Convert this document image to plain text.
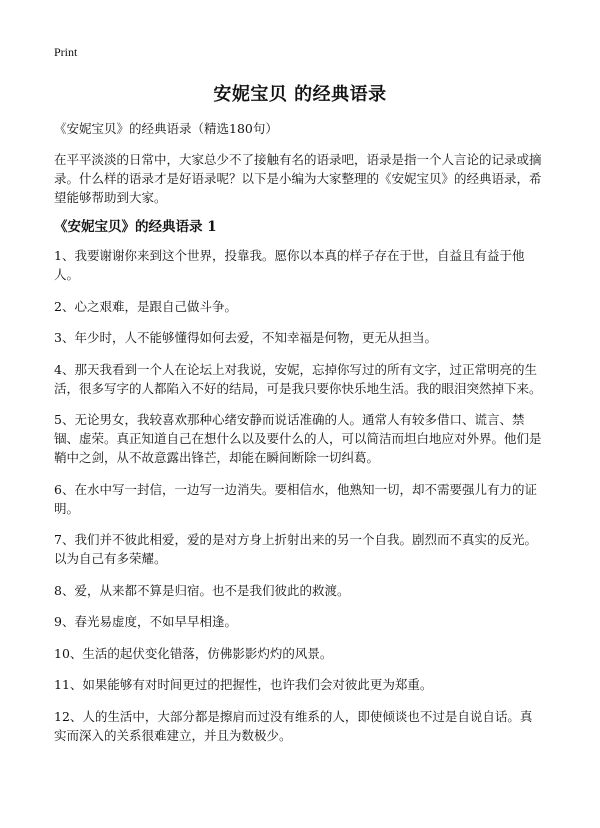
Print
安妮宝贝 的经典语录

《安妮宝贝》的经典语录（精选180句）

在平平淡淡的日常中，大家总少不了接触有名的语录吧，语录是指一个人言论的记录或摘录。什么样的语录才是好语录呢？以下是小编为大家整理的《安妮宝贝》的经典语录，希望能够帮助到大家。

《安妮宝贝》的经典语录 1
1、我要谢谢你来到这个世界，投靠我。愿你以本真的样子存在于世，自益且有益于他人。
2、心之艰难，是跟自己做斗争。
3、年少时，人不能够懂得如何去爱，不知幸福是何物，更无从担当。
4、那天我看到一个人在论坛上对我说，安妮，忘掉你写过的所有文字，过正常明亮的生活，很多写字的人都陷入不好的结局，可是我只要你快乐地生活。我的眼泪突然掉下来。
5、无论男女，我较喜欢那种心绪安静而说话准确的人。通常人有较多借口、谎言、禁锢、虚荣。真正知道自己在想什么以及要什么的人，可以简洁而坦白地应对外界。他们是鞘中之剑，从不故意露出锋芒，却能在瞬间断除一切纠葛。
6、在水中写一封信，一边写一边消失。要相信水，他熟知一切，却不需要强儿有力的证明。
7、我们并不彼此相爱，爱的是对方身上折射出来的另一个自我。剧烈而不真实的反光。以为自己有多荣耀。
8、爱，从来都不算是归宿。也不是我们彼此的救渡。
9、春光易虚度，不如早早相逢。
10、生活的起伏变化错落，仿佛影影灼灼的风景。
11、如果能够有对时间更过的把握性，也许我们会对彼此更为郑重。
12、人的生活中，大部分都是擦肩而过没有维系的人，即使倾谈也不过是自说自话。真实而深入的关系很难建立，并且为数极少。
